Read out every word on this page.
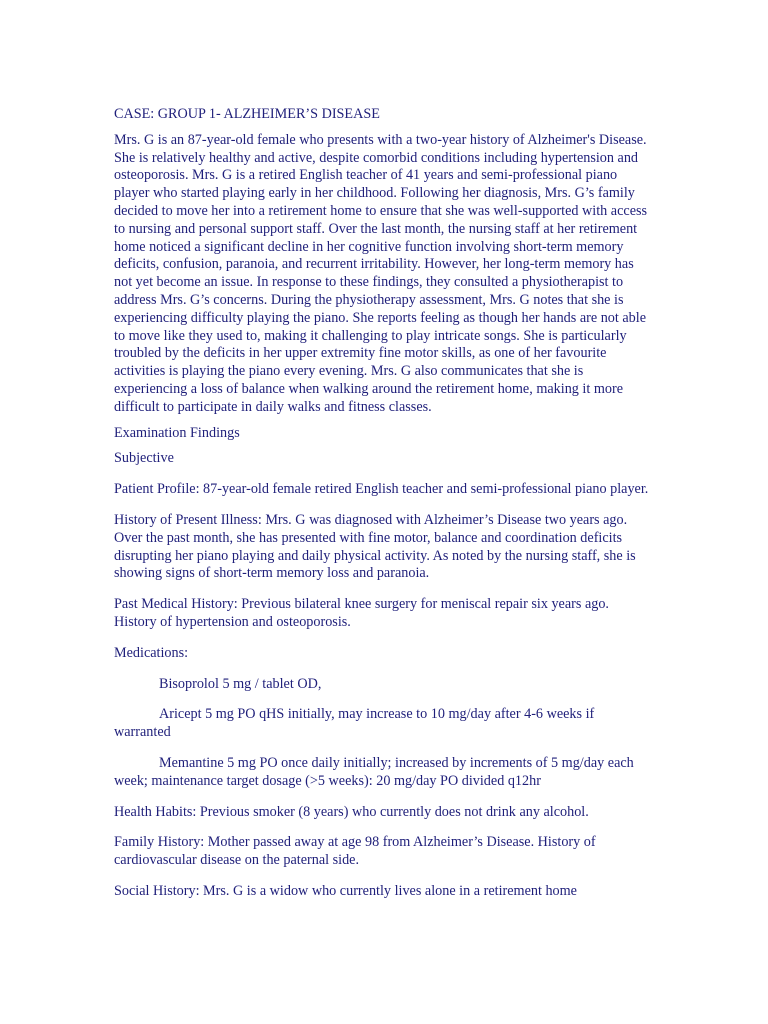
CASE: GROUP 1- ALZHEIMER’S DISEASE

Mrs. G is an 87-year-old female who presents with a two-year history of Alzheimer's Disease. She is relatively healthy and active, despite comorbid conditions including hypertension and osteoporosis. Mrs. G is a retired English teacher of 41 years and semi-professional piano player who started playing early in her childhood. Following her diagnosis, Mrs. G’s family decided to move her into a retirement home to ensure that she was well-supported with access to nursing and personal support staff. Over the last month, the nursing staff at her retirement home noticed a significant decline in her cognitive function involving short-term memory deficits, confusion, paranoia, and recurrent irritability. However, her long-term memory has not yet become an issue. In response to these findings, they consulted a physiotherapist to address Mrs. G’s concerns. During the physiotherapy assessment, Mrs. G notes that she is experiencing difficulty playing the piano. She reports feeling as though her hands are not able to move like they used to, making it challenging to play intricate songs. She is particularly troubled by the deficits in her upper extremity fine motor skills, as one of her favourite activities is playing the piano every evening. Mrs. G also communicates that she is experiencing a loss of balance when walking around the retirement home, making it more difficult to participate in daily walks and fitness classes.

Examination Findings

Subjective

Patient Profile: 87-year-old female retired English teacher and semi-professional piano player.

History of Present Illness: Mrs. G was diagnosed with Alzheimer’s Disease two years ago. Over the past month, she has presented with fine motor, balance and coordination deficits disrupting her piano playing and daily physical activity. As noted by the nursing staff, she is showing signs of short-term memory loss and paranoia.

Past Medical History: Previous bilateral knee surgery for meniscal repair six years ago. History of hypertension and osteoporosis.

Medications:

Bisoprolol 5 mg / tablet OD,

Aricept 5 mg PO qHS initially, may increase to 10 mg/day after 4-6 weeks if warranted

Memantine 5 mg PO once daily initially; increased by increments of 5 mg/day each week; maintenance target dosage (>5 weeks): 20 mg/day PO divided q12hr

Health Habits: Previous smoker (8 years) who currently does not drink any alcohol.

Family History: Mother passed away at age 98 from Alzheimer’s Disease. History of cardiovascular disease on the paternal side.

Social History: Mrs. G is a widow who currently lives alone in a retirement home
